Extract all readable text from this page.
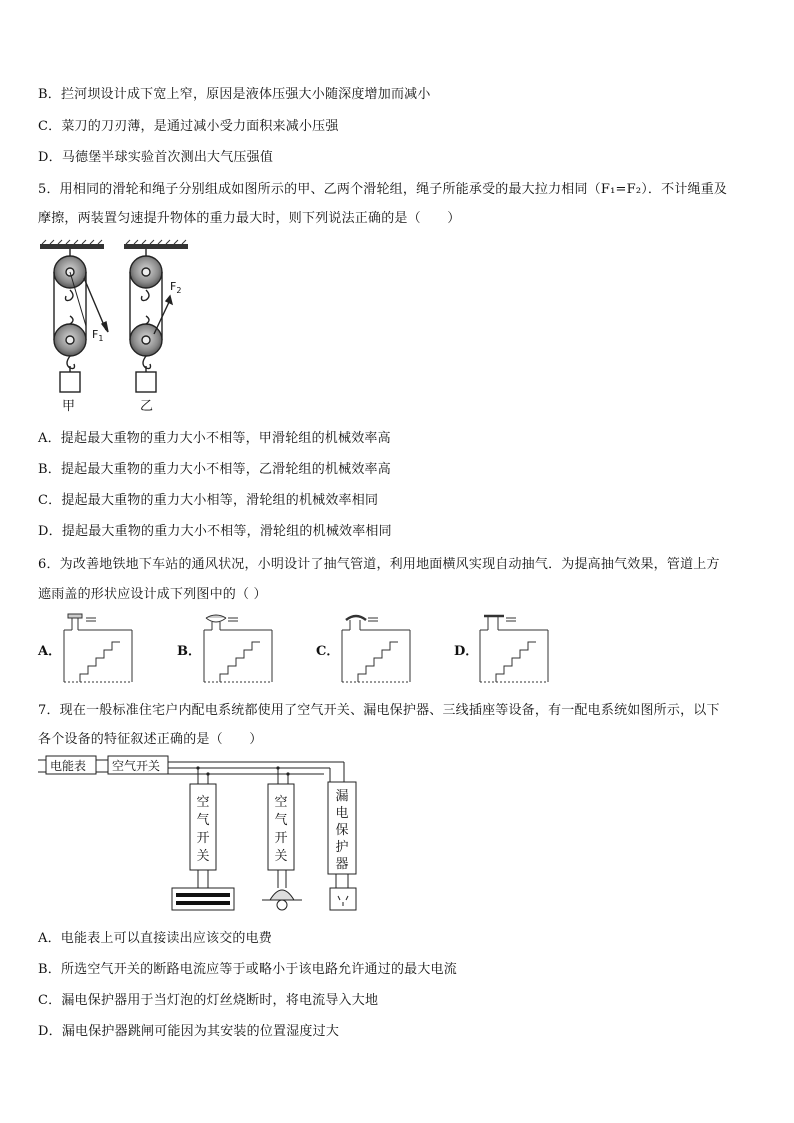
B．拦河坝设计成下宽上窄，原因是液体压强大小随深度增加而减小
C．菜刀的刀刃薄，是通过减小受力面积来减小压强
D．马德堡半球实验首次测出大气压强值
5．用相同的滑轮和绳子分别组成如图所示的甲、乙两个滑轮组，绳子所能承受的最大拉力相同（F₁=F₂）．不计绳重及
摩擦，两装置匀速提升物体的重力最大时，则下列说法正确的是（　　）
$F_1$
甲
$F_2$
乙
A．提起最大重物的重力大小不相等，甲滑轮组的机械效率高
B．提起最大重物的重力大小不相等，乙滑轮组的机械效率高
C．提起最大重物的重力大小相等，滑轮组的机械效率相同
D．提起最大重物的重力大小不相等，滑轮组的机械效率相同
6．为改善地铁地下车站的通风状况，小明设计了抽气管道，利用地面横风实现自动抽气．为提高抽气效果，管道上方
遮雨盖的形状应设计成下列图中的（ ）
A．	B．	C．	D．
7．现在一般标准住宅户内配电系统都使用了空气开关、漏电保护器、三线插座等设备，有一配电系统如图所示，以下
各个设备的特征叙述正确的是（　　）
电能表 空气开关
空
气
开
关
空
气
开
关
漏
电
保
护
器
A．电能表上可以直接读出应该交的电费
B．所选空气开关的断路电流应等于或略小于该电路允许通过的最大电流
C．漏电保护器用于当灯泡的灯丝烧断时，将电流导入大地
D．漏电保护器跳闸可能因为其安装的位置湿度过大
